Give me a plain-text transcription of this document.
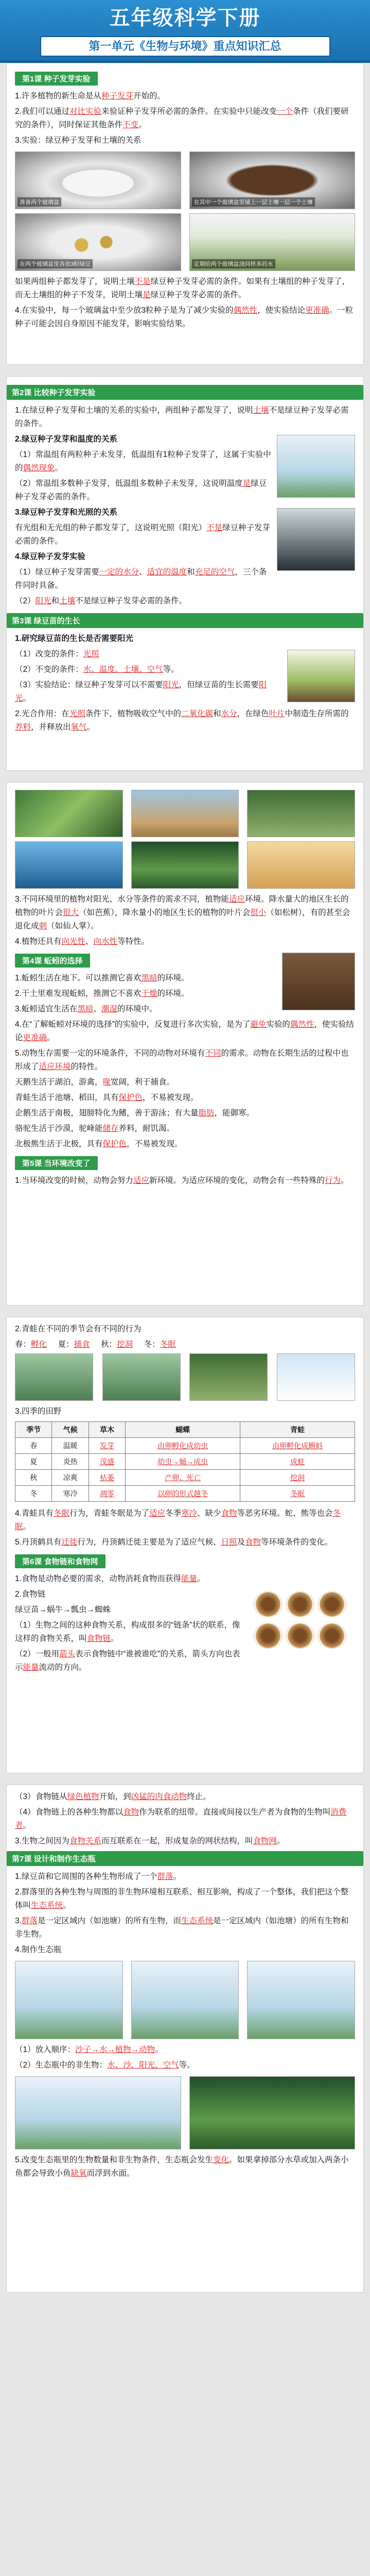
五年级科学下册
第一单元《生物与环境》重点知识汇总
第1课 种子发芽实验

1.许多植物的新生命是从种子发芽开始的。

2.我们可以通过对比实验来验证种子发芽所必需的条件。在实验中只能改变一个条件（我们要研究的条件），同时保证其他条件不变。

3.实验：绿豆种子发芽和土壤的关系

准备两个玻璃盆	在其中一个玻璃盆里铺上一层土壤一层一个土壤
在两个玻璃盆里各放3粒绿豆	定期给两个玻璃盆浇同样多的水

如果两组种子都发芽了，说明土壤不是绿豆种子发芽必需的条件。如果有土壤组的种子发芽了，而无土壤组的种子不发芽，说明土壤是绿豆种子发芽必需的条件。

4.在实验中，每一个玻璃盆中至少放3粒种子是为了减少实验的偶然性，使实验结论更准确。一粒种子可能会因自身原因不能发芽，影响实验结果。

第2课 比较种子发芽实验

1.在绿豆种子发芽和土壤的关系的实验中，两组种子都发芽了，说明土壤不是绿豆种子发芽必需的条件。

2.绿豆种子发芽和温度的关系

（1）常温组有两粒种子未发芽，低温组有1粒种子发芽了，这属于实验中的偶然现象。

（2）常温组多数种子发芽，低温组多数种子未发芽，这说明温度是绿豆种子发芽必需的条件。

3.绿豆种子发芽和光照的关系

有光组和无光组的种子都发芽了，这说明光照（阳光）不是绿豆种子发芽必需的条件。

4.绿豆种子发芽实验

（1）绿豆种子发芽需要一定的水分、适宜的温度和充足的空气，三个条件同时具备。

（2）阳光和土壤不是绿豆种子发芽必需的条件。

第3课 绿豆苗的生长

1.研究绿豆苗的生长是否需要阳光

（1）改变的条件：光照

（2）不变的条件：水、温度、土壤、空气等。

（3）实验结论：绿豆种子发芽可以不需要阳光，但绿豆苗的生长需要阳光。

2.光合作用：在光照条件下，植物吸收空气中的二氧化碳和水分，在绿色叶片中制造生存所需的养料，并释放出氧气。

3.不同环境里的植物对阳光、水分等条件的需求不同，植物能适应环境。降水量大的地区生长的植物的叶片会很大（如芭蕉），降水量小的地区生长的植物的叶片会很小（如松树），有的甚至会退化成刺（如仙人掌）。

4.植物还具有向光性、向水性等特性。

第4课 蚯蚓的选择

1.蚯蚓生活在地下。可以推测它喜欢黑暗的环境。

2.干土里难发现蚯蚓，推测它不喜欢干燥的环境。

3.蚯蚓适宜生活在黑暗、潮湿的环境中。

4.在“了解蚯蚓对环境的选择”的实验中，反复进行多次实验，是为了避免实验的偶然性，使实验结论更准确。

5.动物生存需要一定的环境条件，不同的动物对环境有不同的需求。动物在长期生活的过程中也形成了适应环境的特性。

天鹅生活于湖泊，游禽，喙宽阔，利于捕食。

青蛙生活于池塘、稻田，具有保护色，不易被发现。

企鹅生活于南极，翅膀特化为鳍，善于游泳；有大量脂肪，能御寒。

骆驼生活于沙漠，驼峰能储存养料，耐饥渴。

北极熊生活于北极，具有保护色，不易被发现。

第5课 当环境改变了

1.当环境改变的时候，动物会努力适应新环境。为适应环境的变化，动物会有一些特殊的行为。

2.青蛙在不同的季节会有不同的行为

春：孵化 夏：捕食 秋：挖洞 冬：冬眠

3.四季的田野

季节	气候	草木	蝴蝶	青蛙
春	温暖	发芽	由卵孵化成幼虫	由卵孵化成蝌蚪
夏	炎热	茂盛	幼虫→蛹→成虫	成蛙
秋	凉爽	枯萎	产卵、死亡	挖洞
冬	寒冷	凋零	以卵的形式越冬	冬眠

4.青蛙具有冬眠行为，青蛙冬眠是为了适应冬季寒冷、缺少食物等恶劣环境。蛇、熊等也会冬眠。

5.丹顶鹤具有迁徙行为，丹顶鹤迁徙主要是为了适应气候、日照及食物等环境条件的变化。

第6课 食物链和食物网

1.食物是动物必要的需求，动物消耗食物而获得能量。

2.食物链

绿豆苗→蜗牛→瓢虫→蜘蛛

（1）生物之间的这种食物关系，构成很多的“链条”状的联系，像这样的食物关系，叫食物链。

（2）一般用箭头表示食物链中“谁被谁吃”的关系，箭头方向也表示能量流动的方向。

（3）食物链从绿色植物开始，到凶猛的肉食动物终止。

（4）食物链上的各种生物都以食物作为联系的纽带。直接或间接以生产者为食物的生物叫消费者。

3.生物之间因为食物关系而互联系在一起，形成复杂的网状结构，叫食物网。

第7课 设计和制作生态瓶

1.绿豆苗和它周围的各种生物形成了一个群落。

2.群落里的各种生物与周围的非生物环境相互联系、相互影响，构成了一个整体，我们把这个整体叫生态系统。

3.群落是一定区域内（如池塘）的所有生物，而生态系统是一定区域内（如池塘）的所有生物和非生物。

4.制作生态瓶

（1）放入顺序：沙子→水→植物→动物。

（2）生态瓶中的非生物：水、沙、阳光、空气等。

5.改变生态瓶里的生物数量和非生物条件，生态瓶会发生变化。如果拿掉部分水草或加入两条小鱼都会导致小鱼缺氧而浮到水面。
